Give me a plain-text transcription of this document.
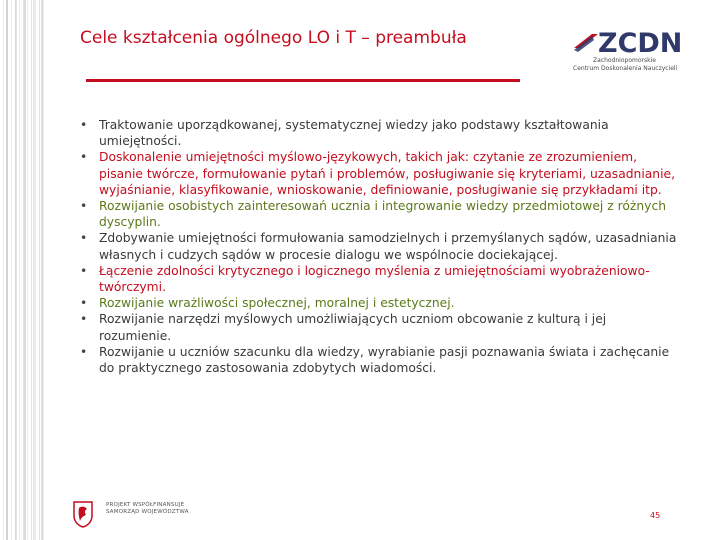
Cele kształcenia ogólnego LO i T – preambuła	ZCDN
Zachodniopomorskie
Centrum Doskonalenia Nauczycieli
• Traktowanie uporządkowanej, systematycznej wiedzy jako podstawy kształtowania umiejętności.
• Doskonalenie umiejętności myślowo-językowych, takich jak: czytanie ze zrozumieniem, pisanie twórcze, formułowanie pytań i problemów, posługiwanie się kryteriami, uzasadnianie, wyjaśnianie, klasyfikowanie, wnioskowanie, definiowanie, posługiwanie się przykładami itp.
• Rozwijanie osobistych zainteresowań ucznia i integrowanie wiedzy przedmiotowej z różnych dyscyplin.
• Zdobywanie umiejętności formułowania samodzielnych i przemyślanych sądów, uzasadniania własnych i cudzych sądów w procesie dialogu we wspólnocie dociekającej.
• Łączenie zdolności krytycznego i logicznego myślenia z umiejętnościami wyobrażeniowo-twórczymi.
• Rozwijanie wrażliwości społecznej, moralnej i estetycznej.
• Rozwijanie narzędzi myślowych umożliwiających uczniom obcowanie z kulturą i jej rozumienie.
• Rozwijanie u uczniów szacunku dla wiedzy, wyrabianie pasji poznawania świata i zachęcanie do praktycznego zastosowania zdobytych wiadomości.
PROJEKT WSPÓŁFINANSUJE
SAMORZĄD WOJEWÓDZTWA	45
